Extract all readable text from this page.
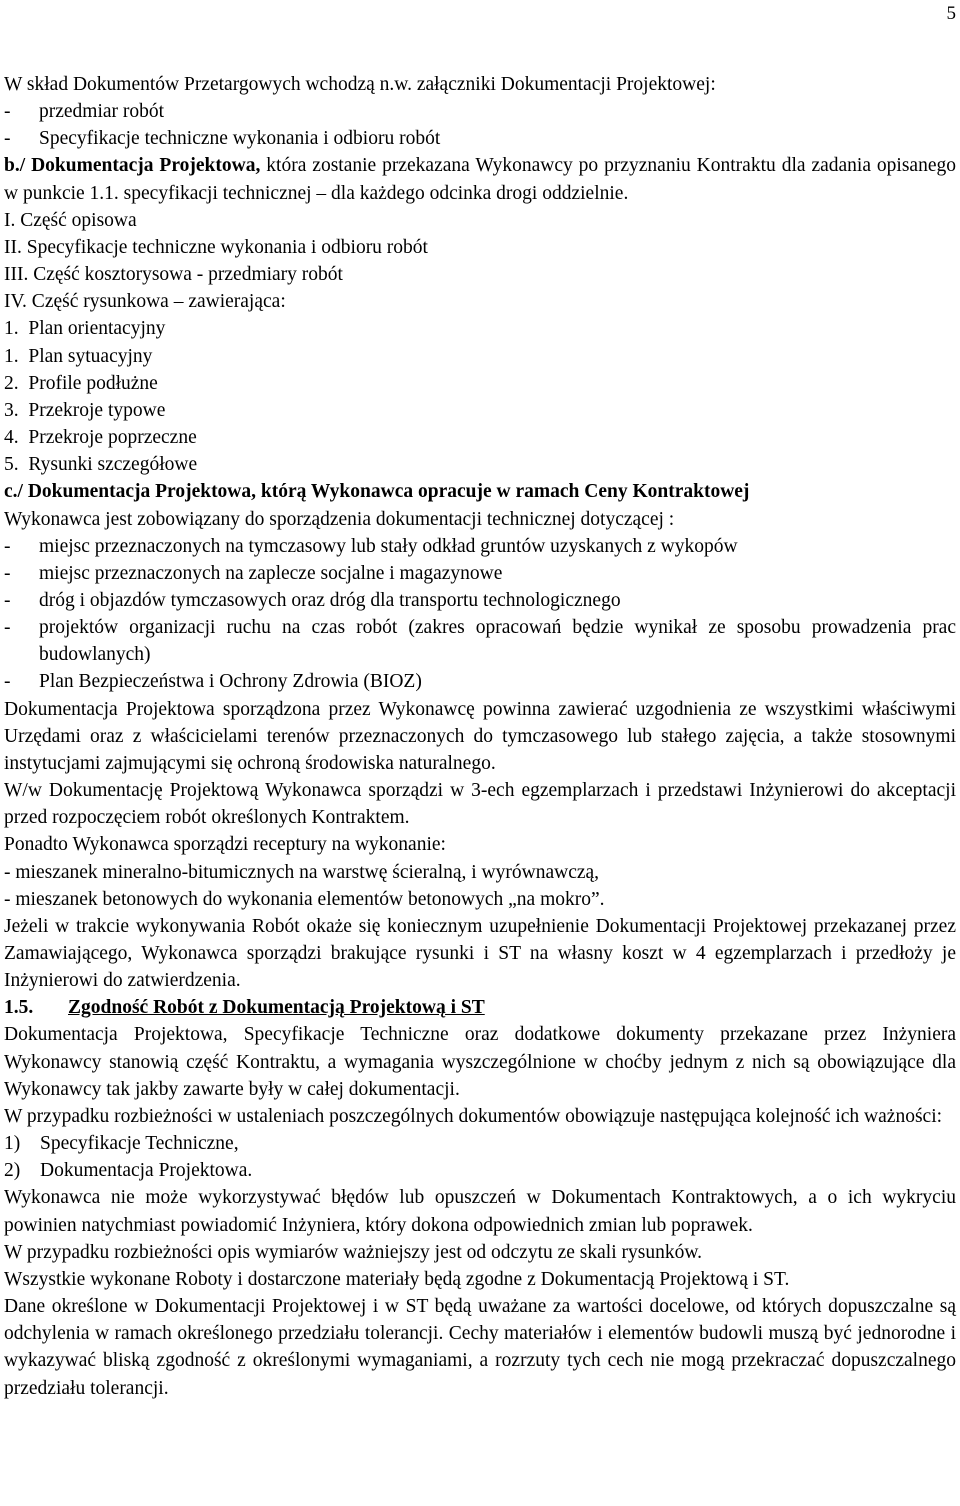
5

W skład Dokumentów Przetargowych wchodzą n.w. załączniki Dokumentacji Projektowej:

-	przedmiar robót
-	Specyfikacje techniczne wykonania i odbioru robót

b./ Dokumentacja Projektowa, która zostanie przekazana Wykonawcy po przyznaniu Kontraktu dla zadania opisanego w punkcie 1.1. specyfikacji technicznej – dla każdego odcinka drogi oddzielnie.

I. Część opisowa

II. Specyfikacje techniczne wykonania i odbioru robót

III. Część kosztorysowa - przedmiary robót

IV. Część rysunkowa – zawierająca:

1.  Plan orientacyjny

1.  Plan sytuacyjny

2.  Profile podłużne

3.  Przekroje typowe

4.  Przekroje poprzeczne

5.  Rysunki szczegółowe

c./ Dokumentacja Projektowa, którą Wykonawca opracuje w ramach Ceny Kontraktowej

Wykonawca jest zobowiązany do sporządzenia dokumentacji technicznej dotyczącej :

-	miejsc przeznaczonych na tymczasowy lub stały odkład gruntów uzyskanych z wykopów
-	miejsc przeznaczonych na zaplecze socjalne i magazynowe
-	dróg i objazdów tymczasowych oraz dróg dla transportu technologicznego
-	projektów organizacji ruchu na czas robót (zakres opracowań będzie wynikał ze sposobu prowadzenia prac budowlanych)
-	Plan Bezpieczeństwa i Ochrony Zdrowia (BIOZ)

Dokumentacja Projektowa sporządzona przez Wykonawcę powinna zawierać uzgodnienia ze wszystkimi właściwymi Urzędami oraz z właścicielami terenów przeznaczonych do tymczasowego lub stałego zajęcia, a także stosownymi instytucjami zajmującymi się ochroną środowiska naturalnego.

W/w Dokumentację Projektową Wykonawca sporządzi w 3-ech egzemplarzach i przedstawi Inżynierowi do akceptacji przed rozpoczęciem robót określonych Kontraktem.

Ponadto Wykonawca sporządzi receptury na wykonanie:

- mieszanek mineralno-bitumicznych na warstwę ścieralną, i wyrównawczą,

- mieszanek betonowych do wykonania elementów betonowych „na mokro”.

Jeżeli w trakcie wykonywania Robót okaże się koniecznym uzupełnienie Dokumentacji Projektowej przekazanej przez Zamawiającego, Wykonawca sporządzi brakujące rysunki i ST na własny koszt w 4 egzemplarzach i przedłoży je Inżynierowi do zatwierdzenia.

1.5.	Zgodność Robót z Dokumentacją Projektową i ST

Dokumentacja Projektowa, Specyfikacje Techniczne oraz dodatkowe dokumenty przekazane przez Inżyniera Wykonawcy stanowią część Kontraktu, a wymagania wyszczególnione w choćby jednym z nich są obowiązujące dla Wykonawcy tak jakby zawarte były w całej dokumentacji.

W przypadku rozbieżności w ustaleniach poszczególnych dokumentów obowiązuje następująca kolejność ich ważności:

1)	Specyfikacje Techniczne,
2)	Dokumentacja Projektowa.

Wykonawca nie może wykorzystywać błędów lub opuszczeń w Dokumentach Kontraktowych, a o ich wykryciu powinien natychmiast powiadomić Inżyniera, który dokona odpowiednich zmian lub poprawek.

W przypadku rozbieżności opis wymiarów ważniejszy jest od odczytu ze skali rysunków.

Wszystkie wykonane Roboty i dostarczone materiały będą zgodne z Dokumentacją Projektową i ST.

Dane określone w Dokumentacji Projektowej i w ST będą uważane za wartości docelowe, od których dopuszczalne są odchylenia w ramach określonego przedziału tolerancji. Cechy materiałów i elementów budowli muszą być jednorodne i wykazywać bliską zgodność z określonymi wymaganiami, a rozrzuty tych cech nie mogą przekraczać dopuszczalnego przedziału tolerancji.
